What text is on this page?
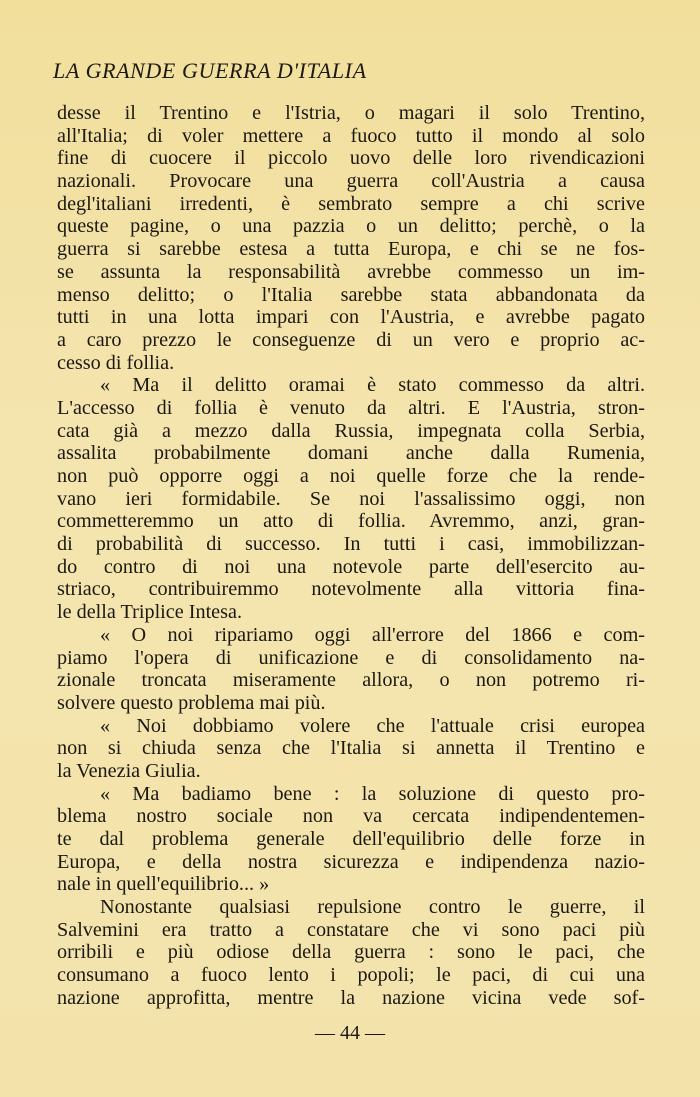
LA GRANDE GUERRA D'ITALIA
desse il Trentino e l'Istria, o magari il solo Trentino,
all'Italia; di voler mettere a fuoco tutto il mondo al solo
fine di cuocere il piccolo uovo delle loro rivendicazioni
nazionali. Provocare una guerra coll'Austria a causa
degl'italiani irredenti, è sembrato sempre a chi scrive
queste pagine, o una pazzia o un delitto; perchè, o la
guerra si sarebbe estesa a tutta Europa, e chi se ne fos-
se assunta la responsabilità avrebbe commesso un im-
menso delitto; o l'Italia sarebbe stata abbandonata da
tutti in una lotta impari con l'Austria, e avrebbe pagato
a caro prezzo le conseguenze di un vero e proprio ac-
cesso di follia.
« Ma il delitto oramai è stato commesso da altri.
L'accesso di follia è venuto da altri. E l'Austria, stron-
cata già a mezzo dalla Russia, impegnata colla Serbia,
assalita probabilmente domani anche dalla Rumenia,
non può opporre oggi a noi quelle forze che la rende-
vano ieri formidabile. Se noi l'assalissimo oggi, non
commetteremmo un atto di follia. Avremmo, anzi, gran-
di probabilità di successo. In tutti i casi, immobilizzan-
do contro di noi una notevole parte dell'esercito au-
striaco, contribuiremmo notevolmente alla vittoria fina-
le della Triplice Intesa.
« O noi ripariamo oggi all'errore del 1866 e com-
piamo l'opera di unificazione e di consolidamento na-
zionale troncata miseramente allora, o non potremo ri-
solvere questo problema mai più.
« Noi dobbiamo volere che l'attuale crisi europea
non si chiuda senza che l'Italia si annetta il Trentino e
la Venezia Giulia.
« Ma badiamo bene : la soluzione di questo pro-
blema nostro sociale non va cercata indipendentemen-
te dal problema generale dell'equilibrio delle forze in
Europa, e della nostra sicurezza e indipendenza nazio-
nale in quell'equilibrio... »
Nonostante qualsiasi repulsione contro le guerre, il
Salvemini era tratto a constatare che vi sono paci più
orribili e più odiose della guerra : sono le paci, che
consumano a fuoco lento i popoli; le paci, di cui una
nazione approfitta, mentre la nazione vicina vede sof-
— 44 —
